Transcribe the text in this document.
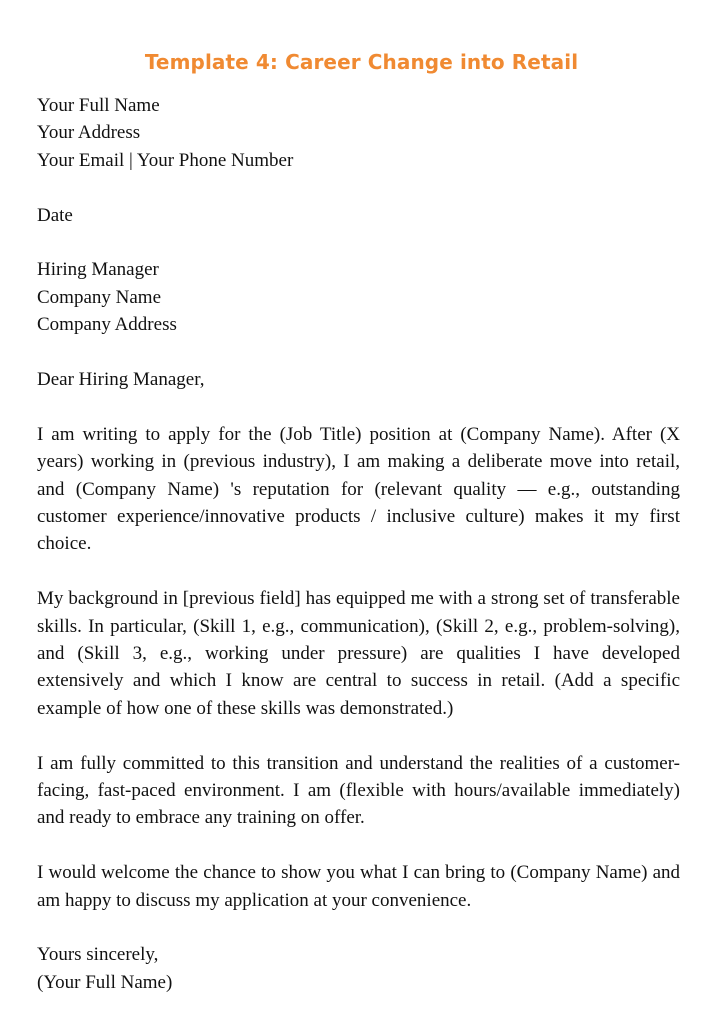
Template 4: Career Change into Retail
Your Full Name
Your Address
Your Email | Your Phone Number
Date
Hiring Manager
Company Name
Company Address
Dear Hiring Manager,

I am writing to apply for the (Job Title) position at (Company Name). After (X years) working in (previous industry), I am making a deliberate move into retail, and (Company Name) 's reputation for (relevant quality — e.g., outstanding customer experience/innovative products / inclusive culture) makes it my first choice.

My background in [previous field] has equipped me with a strong set of transferable skills. In particular, (Skill 1, e.g., communication), (Skill 2, e.g., problem-solving), and (Skill 3, e.g., working under pressure) are qualities I have developed extensively and which I know are central to success in retail. (Add a specific example of how one of these skills was demonstrated.)

I am fully committed to this transition and understand the realities of a customer-facing, fast-paced environment. I am (flexible with hours/available immediately) and ready to embrace any training on offer.

I would welcome the chance to show you what I can bring to (Company Name) and am happy to discuss my application at your convenience.

Yours sincerely,
(Your Full Name)
